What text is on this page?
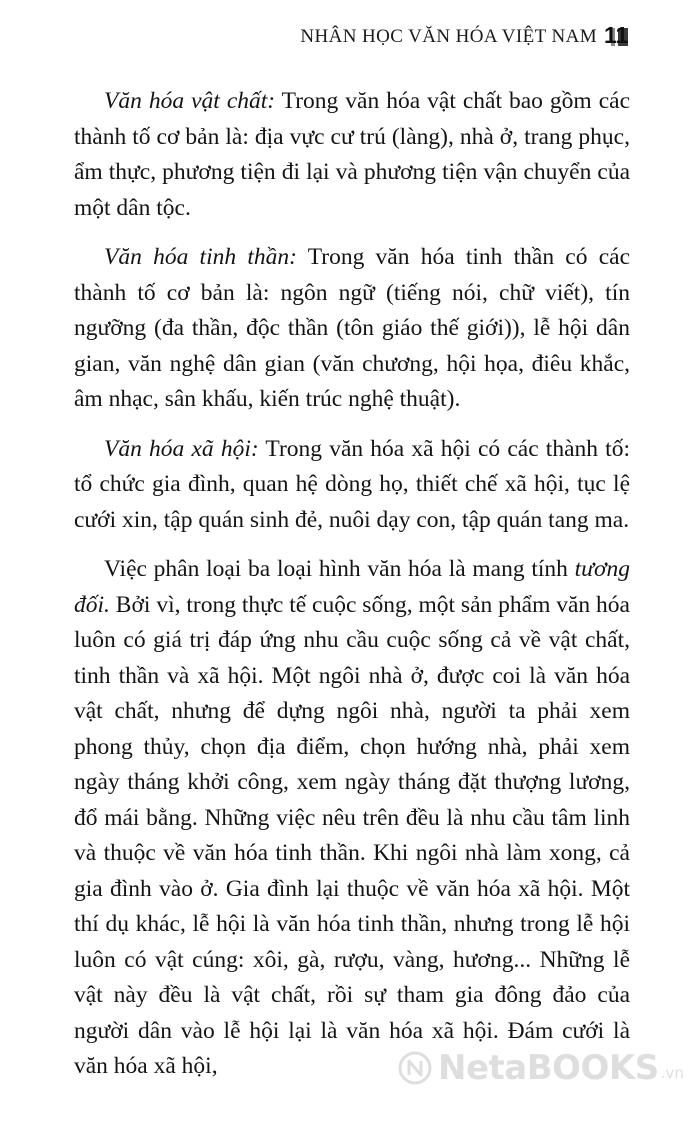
NHÂN HỌC VĂN HÓA VIỆT NAM 11

Văn hóa vật chất: Trong văn hóa vật chất bao gồm các thành tố cơ bản là: địa vực cư trú (làng), nhà ở, trang phục, ẩm thực, phương tiện đi lại và phương tiện vận chuyển của một dân tộc.

Văn hóa tinh thần: Trong văn hóa tinh thần có các thành tố cơ bản là: ngôn ngữ (tiếng nói, chữ viết), tín ngưỡng (đa thần, độc thần (tôn giáo thế giới)), lễ hội dân gian, văn nghệ dân gian (văn chương, hội họa, điêu khắc, âm nhạc, sân khấu, kiến trúc nghệ thuật).

Văn hóa xã hội: Trong văn hóa xã hội có các thành tố: tổ chức gia đình, quan hệ dòng họ, thiết chế xã hội, tục lệ cưới xin, tập quán sinh đẻ, nuôi dạy con, tập quán tang ma.

Việc phân loại ba loại hình văn hóa là mang tính tương đối. Bởi vì, trong thực tế cuộc sống, một sản phẩm văn hóa luôn có giá trị đáp ứng nhu cầu cuộc sống cả về vật chất, tinh thần và xã hội. Một ngôi nhà ở, được coi là văn hóa vật chất, nhưng để dựng ngôi nhà, người ta phải xem phong thủy, chọn địa điểm, chọn hướng nhà, phải xem ngày tháng khởi công, xem ngày tháng đặt thượng lương, đổ mái bằng. Những việc nêu trên đều là nhu cầu tâm linh và thuộc về văn hóa tinh thần. Khi ngôi nhà làm xong, cả gia đình vào ở. Gia đình lại thuộc về văn hóa xã hội. Một thí dụ khác, lễ hội là văn hóa tinh thần, nhưng trong lễ hội luôn có vật cúng: xôi, gà, rượu, vàng, hương... Những lễ vật này đều là vật chất, rồi sự tham gia đông đảo của người dân vào lễ hội lại là văn hóa xã hội. Đám cưới là văn hóa xã hội,	NetaBOOKS .vn
